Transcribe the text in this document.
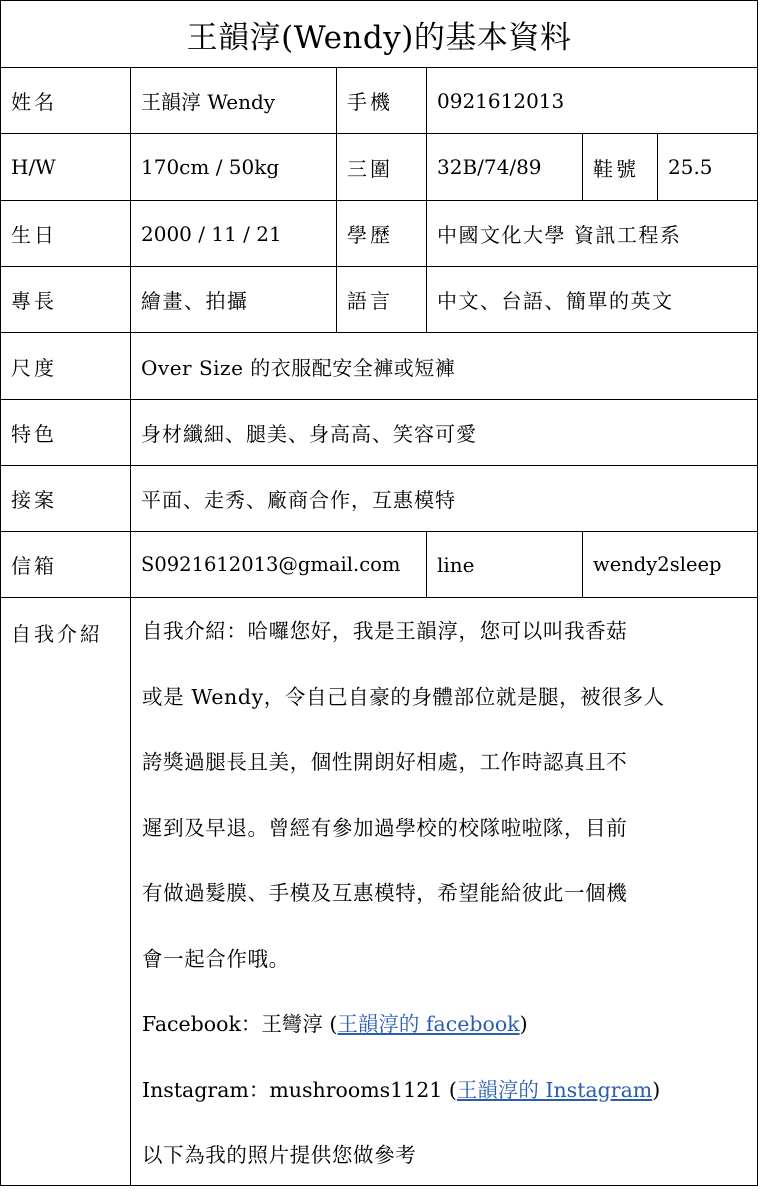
王韻淳(Wendy)的基本資料
姓名	王韻淳 Wendy	手機	0921612013
H/W	170cm / 50kg	三圍	32B/74/89	鞋號	25.5
生日	2000 / 11 / 21	學歷	中國文化大學 資訊工程系
專長	繪畫、拍攝	語言	中文、台語、簡單的英文
尺度	Over Size 的衣服配安全褲或短褲
特色	身材纖細、腿美、身高高、笑容可愛
接案	平面、走秀、廠商合作，互惠模特
信箱	S0921612013@gmail.com	line	wendy2sleep
自我介紹	自我介紹：哈囉您好，我是王韻淳，您可以叫我香菇
或是 Wendy，令自己自豪的身體部位就是腿，被很多人
誇獎過腿長且美，個性開朗好相處，工作時認真且不
遲到及早退。曾經有參加過學校的校隊啦啦隊，目前
有做過髮膜、手模及互惠模特，希望能給彼此一個機
會一起合作哦。
Facebook：王彎淳 (王韻淳的 facebook)
Instagram：mushrooms1121 (王韻淳的 Instagram)
以下為我的照片提供您做參考
